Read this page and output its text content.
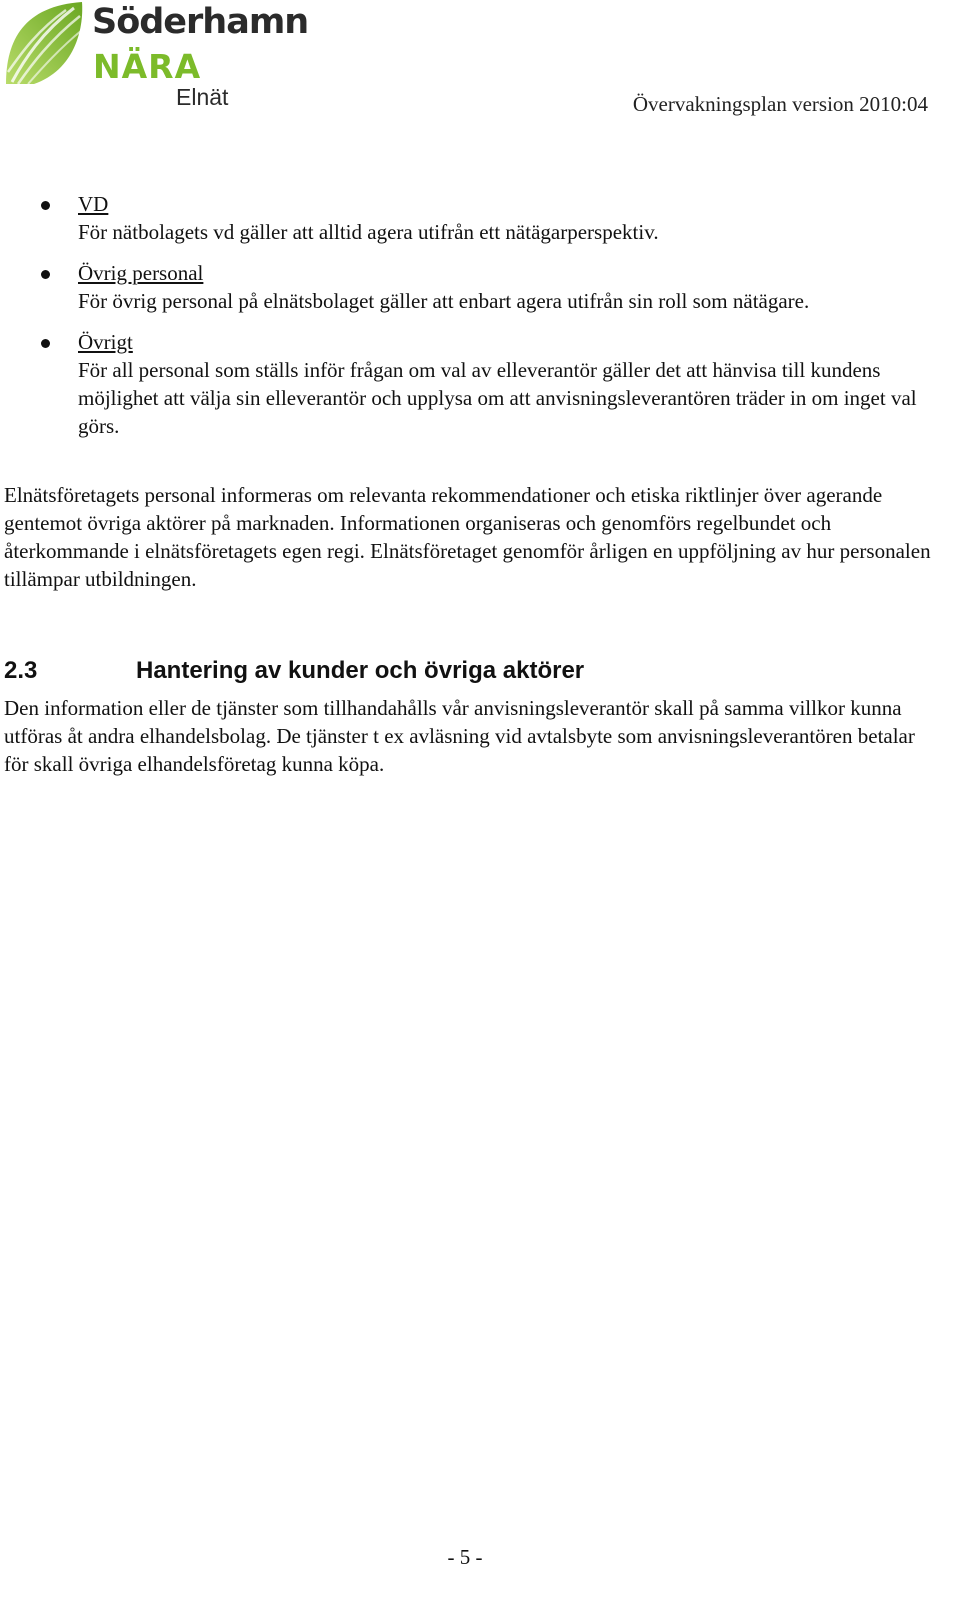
Söderhamn
NÄRA
Elnät	Övervakningsplan version 2010:04
VD
För nätbolagets vd gäller att alltid agera utifrån ett nätägarperspektiv.
Övrig personal
För övrig personal på elnätsbolaget gäller att enbart agera utifrån sin roll som nätägare.
Övrigt
För all personal som ställs inför frågan om val av elleverantör gäller det att hänvisa till kundens möjlighet att välja sin elleverantör och upplysa om att anvisningsleverantören träder in om inget val görs.

Elnätsföretagets personal informeras om relevanta rekommendationer och etiska riktlinjer över agerande gentemot övriga aktörer på marknaden. Informationen organiseras och genomförs regelbundet och återkommande i elnätsföretagets egen regi. Elnätsföretaget genomför årligen en uppföljning av hur personalen tillämpar utbildningen.

2.3	Hantering av kunder och övriga aktörer

Den information eller de tjänster som tillhandahålls vår anvisningsleverantör skall på samma villkor kunna utföras åt andra elhandelsbolag. De tjänster t ex avläsning vid avtalsbyte som anvisningsleverantören betalar för skall övriga elhandelsföretag kunna köpa.

- 5 -
